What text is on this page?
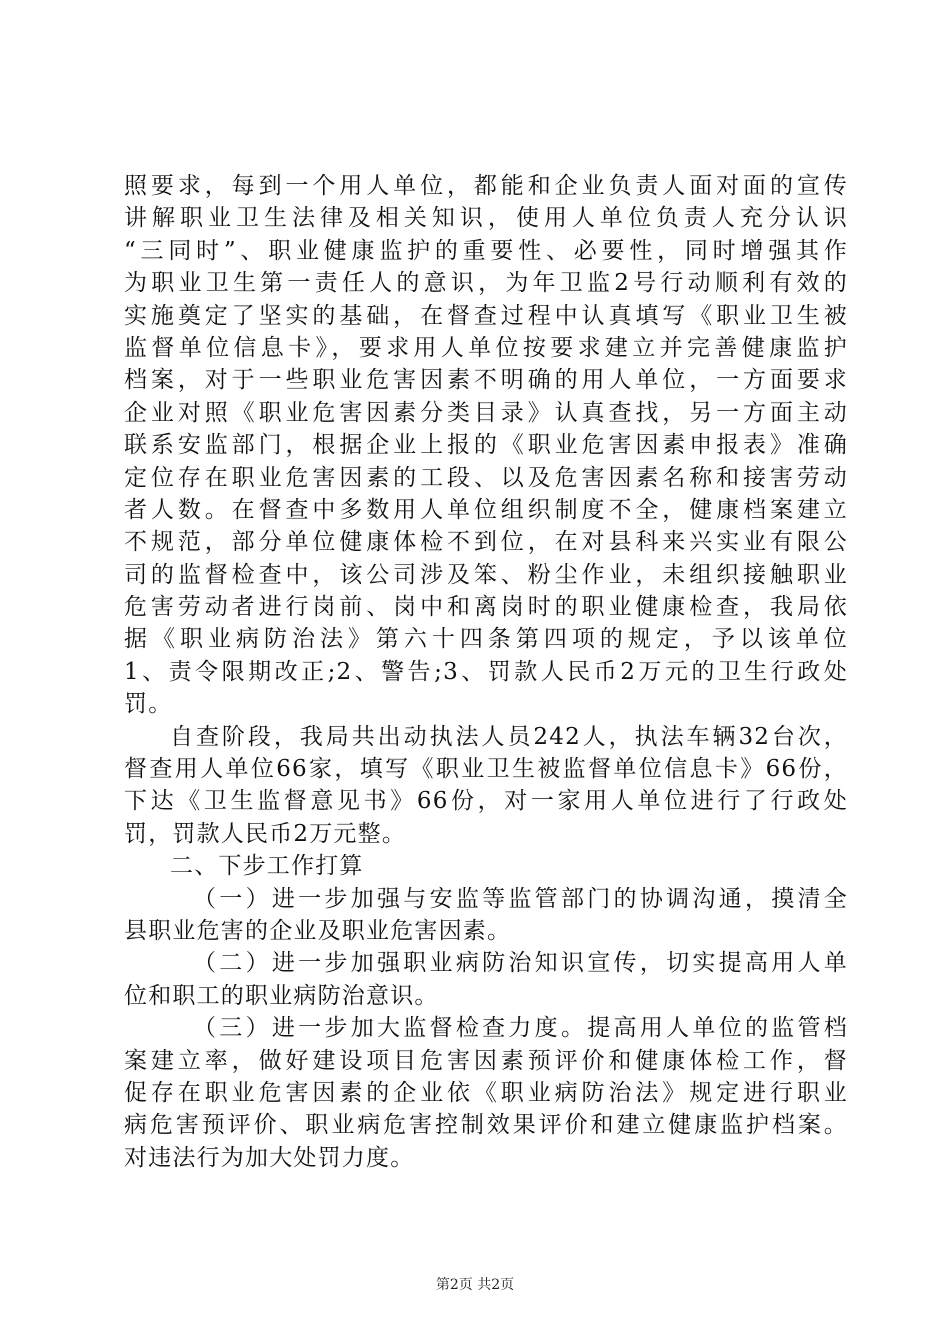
照要求，每到一个用人单位，都能和企业负责人面对面的宣传
讲解职业卫生法律及相关知识，使用人单位负责人充分认识
“三同时”、职业健康监护的重要性、必要性，同时增强其作
为职业卫生第一责任人的意识，为年卫监2号行动顺利有效的
实施奠定了坚实的基础，在督查过程中认真填写《职业卫生被
监督单位信息卡》，要求用人单位按要求建立并完善健康监护
档案，对于一些职业危害因素不明确的用人单位，一方面要求
企业对照《职业危害因素分类目录》认真查找，另一方面主动
联系安监部门，根据企业上报的《职业危害因素申报表》准确
定位存在职业危害因素的工段、以及危害因素名称和接害劳动
者人数。在督查中多数用人单位组织制度不全，健康档案建立
不规范，部分单位健康体检不到位，在对县科来兴实业有限公
司的监督检查中，该公司涉及笨、粉尘作业，未组织接触职业
危害劳动者进行岗前、岗中和离岗时的职业健康检查，我局依
据《职业病防治法》第六十四条第四项的规定，予以该单位
1、责令限期改正;2、警告;3、罚款人民币2万元的卫生行政处
罚。
自查阶段，我局共出动执法人员242人，执法车辆32台次，
督查用人单位66家，填写《职业卫生被监督单位信息卡》66份，
下达《卫生监督意见书》66份，对一家用人单位进行了行政处
罚，罚款人民币2万元整。
二、下步工作打算
（一）进一步加强与安监等监管部门的协调沟通，摸清全
县职业危害的企业及职业危害因素。
（二）进一步加强职业病防治知识宣传，切实提高用人单
位和职工的职业病防治意识。
（三）进一步加大监督检查力度。提高用人单位的监管档
案建立率，做好建设项目危害因素预评价和健康体检工作，督
促存在职业危害因素的企业依《职业病防治法》规定进行职业
病危害预评价、职业病危害控制效果评价和建立健康监护档案。
对违法行为加大处罚力度。
第2页 共2页
